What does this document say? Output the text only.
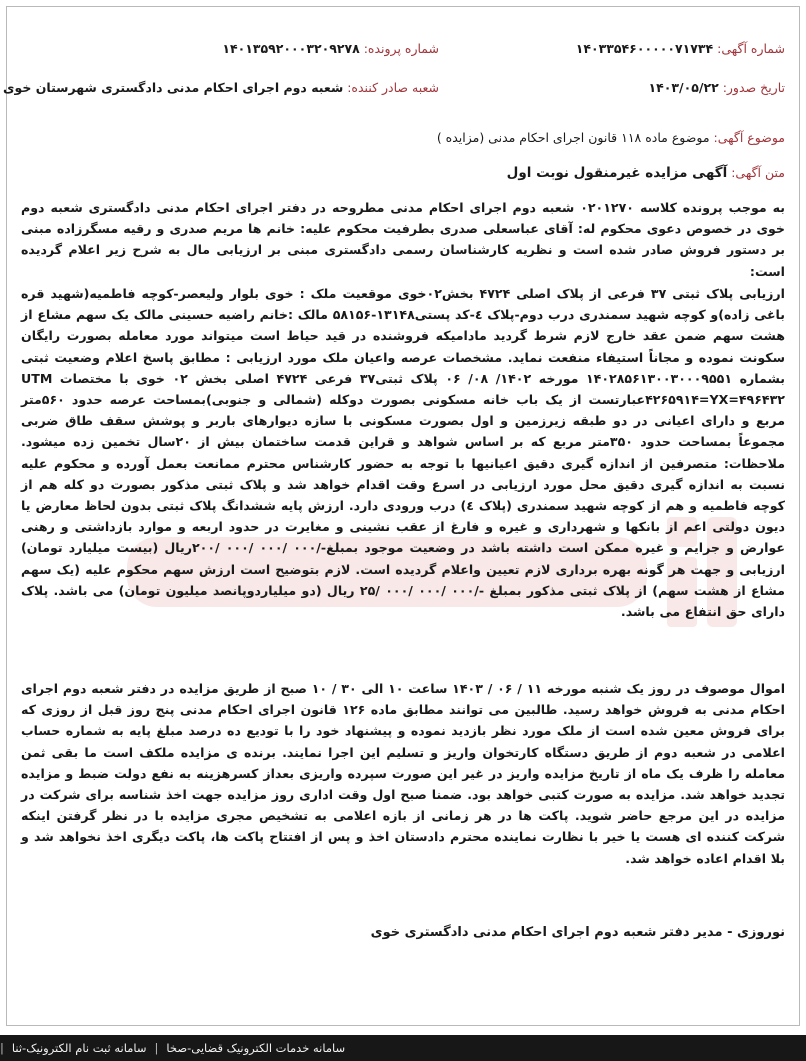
شماره آگهی: ۱۴۰۳۳۵۴۶۰۰۰۰۰۷۱۷۳۴
شماره پرونده: ۱۴۰۱۳۵۹۲۰۰۰۳۲۰۹۲۷۸
تاریخ صدور: ۱۴۰۳/۰۵/۲۲
شعبه صادر کننده: شعبه دوم اجرای احکام مدنی دادگستری شهرستان خوی
موضوع آگهی: موضوع ماده ۱۱۸ قانون اجرای احکام مدنی (مزایده )
متن آگهی: آگهی مزایده غیرمنقول نوبت اول
به موجب پرونده کلاسه ۰۲۰۱۲۷۰ شعبه دوم اجرای احکام مدنی مطروحه در دفتر اجرای احکام مدنی دادگستری شعبه دوم خوی در خصوص دعوی محکوم له: آقای عباسعلی صدری بطرفیت محکوم علیه: خانم ها مریم صدری و رقیه مسگرزاده مبنی بر دستور فروش صادر شده است و نظریه کارشناسان رسمی دادگستری مبنی بر ارزیابی مال به شرح زیر اعلام گردیده است:
ارزیابی پلاک ثبتی ۳۷ فرعی از پلاک اصلی ۴۷۲۴ بخش۰۲خوی موقعیت ملک : خوی بلوار ولیعصر-کوچه فاطمیه(شهید قره باغی زاده)و کوچه شهید سمندری درب دوم-پلاک ٤-کد پستی۱۳۱۴۸-۵۸۱۵۶ مالک :خانم راضیه حسینی مالک یک سهم مشاع از هشت سهم ضمن عقد خارج لازم شرط گردید مادامیکه فروشنده در قید حیاط است میتواند مورد معامله بصورت رایگان سکونت نموده و مجاناً استیفاء منفعت نماید. مشخصات عرصه واعیان ملک مورد ارزیابی : مطابق پاسخ اعلام وضعیت ثبتی بشماره ۱۴۰۲۸۵۶۱۳۰۰۳۰۰۰۹۵۵۱ مورخه ۱۴۰۲/ ۰۸/ ۰۶ پلاک ثبتی۳۷ فرعی ۴۷۲۴ اصلی بخش ۰۲ خوی با مختصات UTM ۴۲۶۵۹۱۴=YX=۴۹۶۴۳۲عبارتست از یک باب خانه مسکونی بصورت دوکله (شمالی و جنوبی)بمساحت عرصه حدود ۵۶۰متر مربع و دارای اعیانی در دو طبقه زیرزمین و اول بصورت مسکونی با سازه دیوارهای باربر و پوشش سقف طاق ضربی مجموعاً بمساحت حدود ۳۵۰متر مربع که بر اساس شواهد و قراین قدمت ساختمان بیش از ۲۰سال تخمین زده میشود. ملاحظات: متصرفین از اندازه گیری دقیق اعیانیها با توجه به حضور کارشناس محترم ممانعت بعمل آورده و محکوم علیه نسبت به اندازه گیری دقیق محل مورد ارزیابی در اسرع وقت اقدام خواهد شد و پلاک ثبتی مذکور بصورت دو کله هم از کوچه فاطمیه و هم از کوچه شهید سمندری (پلاک ٤) درب ورودی دارد. ارزش پایه ششدانگ پلاک ثبتی بدون لحاظ معارض یا دیون دولتی اعم از بانکها و شهرداری و غیره و فارغ از عقب نشینی و مغایرت در حدود اربعه و موارد بازداشتی و رهنی عوارض و جرایم و غیره ممکن است داشته باشد در وضعیت موجود بمبلغ-/۰۰۰ /۰۰۰ /۰۰۰ /۲۰۰ریال (بیست میلیارد تومان) ارزیابی و جهت هر گونه بهره برداری لازم تعیین واعلام گردیده است. لازم بتوضیح است ارزش سهم محکوم علیه (یک سهم مشاع از هشت سهم) از پلاک ثبتی مذکور بمبلغ -/۰۰۰ /۰۰۰ /۰۰۰ /۲۵ ریال (دو میلیاردوپانصد میلیون تومان) می باشد. پلاک دارای حق انتفاع می باشد.
اموال موصوف در روز یک شنبه مورخه ۱۱ / ۰۶ / ۱۴۰۳ ساعت ۱۰ الی ۳۰ / ۱۰ صبح از طریق مزایده در دفتر شعبه دوم اجرای احکام مدنی به فروش خواهد رسید. طالبین می توانند مطابق ماده ۱۲۶ قانون اجرای احکام مدنی پنج روز قبل از روزی که برای فروش معین شده است از ملک مورد نظر بازدید نموده و پیشنهاد خود را با تودیع ده درصد مبلغ پایه به شماره حساب اعلامی در شعبه دوم از طریق دستگاه کارتخوان واریز و تسلیم این اجرا نمایند. برنده ی مزایده ملکف است ما بقی ثمن معامله را ظرف یک ماه از تاریخ مزایده واریز در غیر این صورت سپرده واریزی بعداز کسرهزینه به نفع دولت ضبط و مزایده تجدید خواهد شد. مزایده به صورت کتبی خواهد بود. ضمنا صبح اول وقت اداری روز مزایده جهت اخذ شناسه برای شرکت در مزایده در این مرجع حاضر شوید. پاکت ها در هر زمانی از بازه اعلامی به تشخیص مجری مزایده با در نظر گرفتن اینکه شرکت کننده ای هست یا خیر با نظارت نماینده محترم دادستان اخذ و پس از افتتاح پاکت ها، پاکت دیگری اخذ نخواهد شد و بلا اقدام اعاده خواهد شد.
نوروزی - مدیر دفتر شعبه دوم اجرای احکام مدنی دادگستری خوی
سامانه خدمات الکترونیک قضایی-صخا
|
سامانه ثبت نام الکترونیک-ثنا
|
